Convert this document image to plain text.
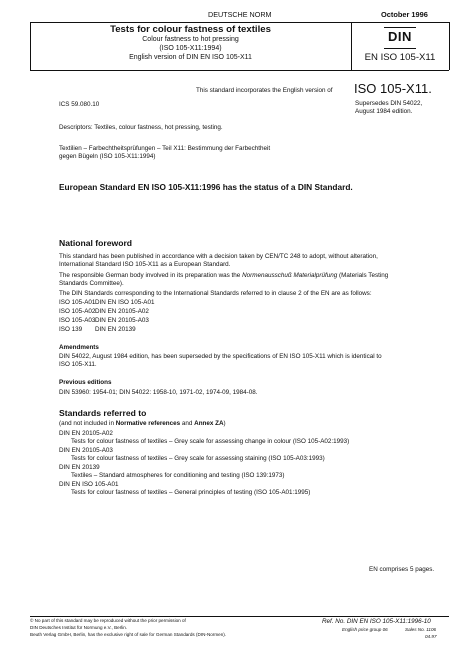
DEUTSCHE NORM	October 1996
Tests for colour fastness of textiles
Colour fastness to hot pressing
(ISO 105-X11:1994)
English version of DIN EN ISO 105-X11
DIN
EN ISO 105-X11
This standard incorporates the English version of ISO 105-X11.
ICS 59.080.10	Supersedes DIN 54022,
August 1984 edition.
Descriptors: Textiles, colour fastness, hot pressing, testing.
Textilien – Farbechtheitsprüfungen – Teil X11: Bestimmung der Farbechtheit
gegen Bügeln (ISO 105-X11:1994)
European Standard EN ISO 105-X11:1996 has the status of a DIN Standard.
National foreword
This standard has been published in accordance with a decision taken by CEN/TC 248 to adopt, without alteration,
International Standard ISO 105-X11 as a European Standard.
The responsible German body involved in its preparation was the Normenausschuß Materialprüfung (Materials Testing
Standards Committee).
The DIN Standards corresponding to the International Standards referred to in clause 2 of the EN are as follows:
ISO 105-A01 DIN EN ISO 105-A01
ISO 105-A02 DIN EN 20105-A02
ISO 105-A03 DIN EN 20105-A03
ISO 139 DIN EN 20139
Amendments
DIN 54022, August 1984 edition, has been superseded by the specifications of EN ISO 105-X11 which is identical to
ISO 105-X11.
Previous editions
DIN 53960: 1954-01; DIN 54022: 1958-10, 1971-02, 1974-09, 1984-08.
Standards referred to
(and not included in Normative references and Annex ZA)
DIN EN 20105-A02
Tests for colour fastness of textiles – Grey scale for assessing change in colour (ISO 105-A02:1993)
DIN EN 20105-A03
Tests for colour fastness of textiles – Grey scale for assessing staining (ISO 105-A03:1993)
DIN EN 20139
Textiles – Standard atmospheres for conditioning and testing (ISO 139:1973)
DIN EN ISO 105-A01
Tests for colour fastness of textiles – General principles of testing (ISO 105-A01:1995)
EN comprises 5 pages.
© No part of this standard may be reproduced without the prior permission of
DIN Deutsches Institut für Normung e.V., Berlin.
Beuth Verlag GmbH, Berlin, has the exclusive right of sale for German Standards (DIN-Normen).
Ref. No. DIN EN ISO 105-X11:1996-10
English price group 06	Sales No. 1106
04.97
